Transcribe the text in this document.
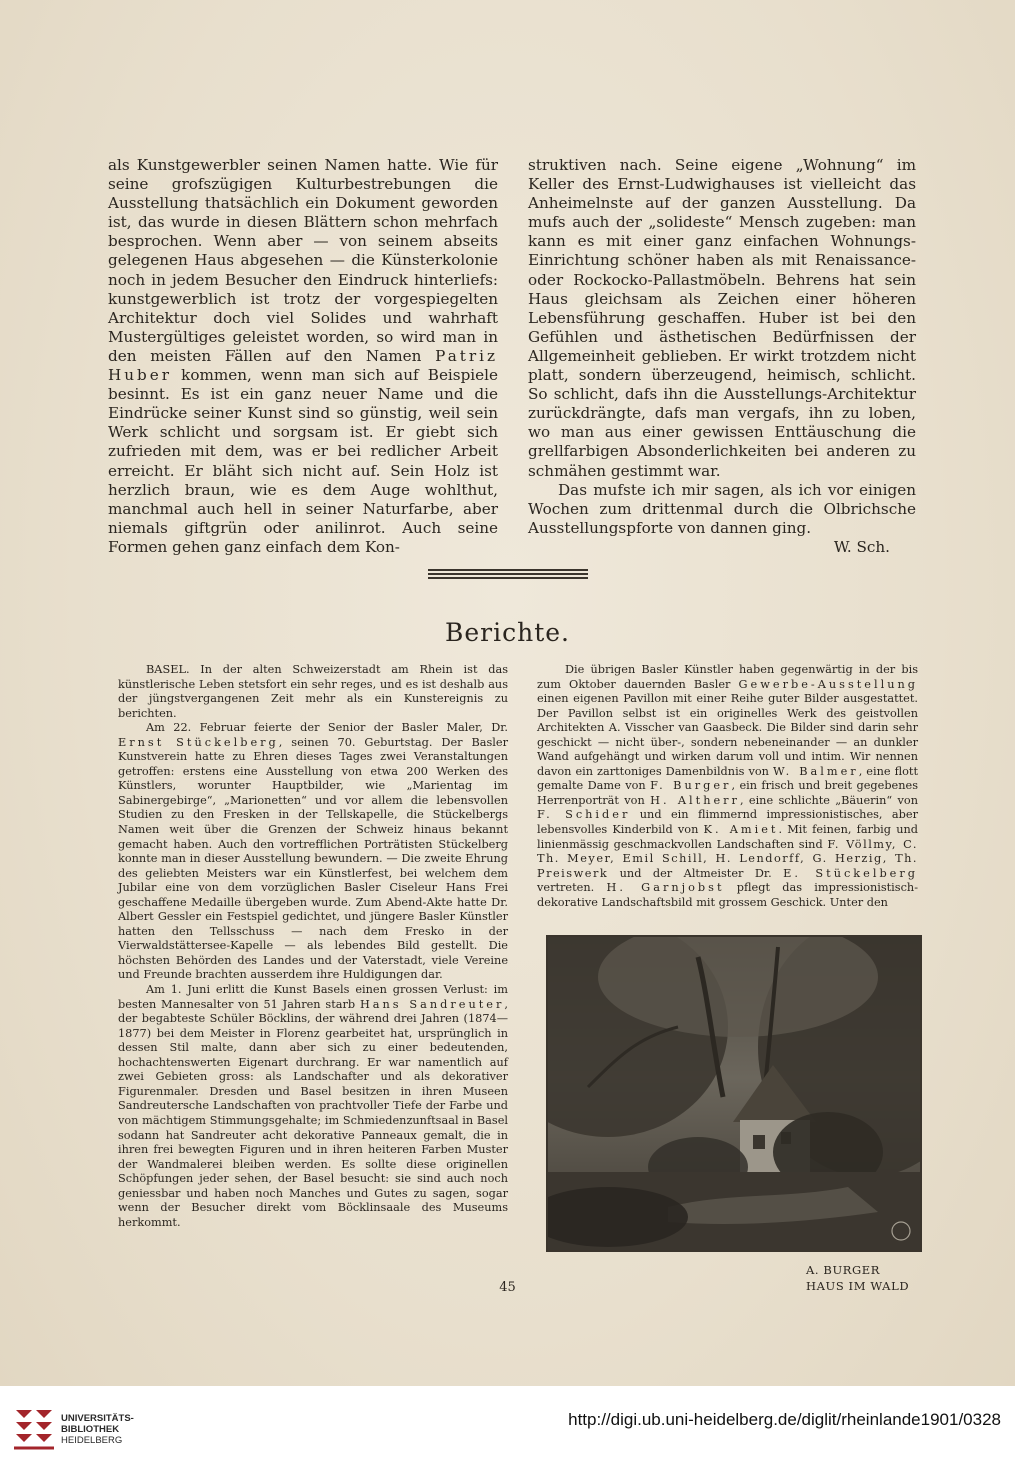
als Kunstgewerbler seinen Namen hatte. Wie für seine grofszügigen Kulturbestrebungen die Ausstellung thatsächlich ein Dokument geworden ist, das wurde in diesen Blättern schon mehrfach besprochen. Wenn aber — von seinem abseits gelegenen Haus abgesehen — die Künsterkolonie noch in jedem Besucher den Eindruck hinterliefs: kunstgewerblich ist trotz der vorgespiegelten Architektur doch viel Solides und wahrhaft Mustergültiges geleistet worden, so wird man in den meisten Fällen auf den Namen Patriz Huber kommen, wenn man sich auf Beispiele besinnt. Es ist ein ganz neuer Name und die Eindrücke seiner Kunst sind so günstig, weil sein Werk schlicht und sorgsam ist. Er giebt sich zufrieden mit dem, was er bei redlicher Arbeit erreicht. Er bläht sich nicht auf. Sein Holz ist herzlich braun, wie es dem Auge wohlthut, manchmal auch hell in seiner Naturfarbe, aber niemals giftgrün oder anilinrot. Auch seine Formen gehen ganz einfach dem Kon-
struktiven nach. Seine eigene „Wohnung“ im Keller des Ernst-Ludwighauses ist vielleicht das Anheimelnste auf der ganzen Ausstellung. Da mufs auch der „solideste“ Mensch zugeben: man kann es mit einer ganz einfachen Wohnungs-Einrichtung schöner haben als mit Renaissance- oder Rockocko-Pallastmöbeln. Behrens hat sein Haus gleichsam als Zeichen einer höheren Lebensführung geschaffen. Huber ist bei den Gefühlen und ästhetischen Bedürfnissen der Allgemeinheit geblieben. Er wirkt trotzdem nicht platt, sondern überzeugend, heimisch, schlicht. So schlicht, dafs ihn die Ausstellungs-Architektur zurückdrängte, dafs man vergafs, ihn zu loben, wo man aus einer gewissen Enttäuschung die grellfarbigen Absonderlichkeiten bei anderen zu schmähen gestimmt war.
Das mufste ich mir sagen, als ich vor einigen Wochen zum drittenmal durch die Olbrichsche Ausstellungspforte von dannen ging.
W. Sch.
Berichte.

BASEL. In der alten Schweizerstadt am Rhein ist das künstlerische Leben stetsfort ein sehr reges, und es ist deshalb aus der jüngstvergangenen Zeit mehr als ein Kunstereignis zu berichten.

Am 22. Februar feierte der Senior der Basler Maler, Dr. Ernst Stückelberg, seinen 70. Geburtstag. Der Basler Kunstverein hatte zu Ehren dieses Tages zwei Veranstaltungen getroffen: erstens eine Ausstellung von etwa 200 Werken des Künstlers, worunter Hauptbilder, wie „Marientag im Sabinergebirge“, „Marionetten“ und vor allem die lebensvollen Studien zu den Fresken in der Tellskapelle, die Stückelbergs Namen weit über die Grenzen der Schweiz hinaus bekannt gemacht haben. Auch den vortrefflichen Porträtisten Stückelberg konnte man in dieser Ausstellung bewundern. — Die zweite Ehrung des geliebten Meisters war ein Künstlerfest, bei welchem dem Jubilar eine von dem vorzüglichen Basler Ciseleur Hans Frei geschaffene Medaille übergeben wurde. Zum Abend-Akte hatte Dr. Albert Gessler ein Festspiel gedichtet, und jüngere Basler Künstler hatten den Tellsschuss — nach dem Fresko in der Vierwaldstättersee-Kapelle — als lebendes Bild gestellt. Die höchsten Behörden des Landes und der Vaterstadt, viele Vereine und Freunde brachten ausserdem ihre Huldigungen dar.

Am 1. Juni erlitt die Kunst Basels einen grossen Verlust: im besten Mannesalter von 51 Jahren starb Hans Sandreuter, der begabteste Schüler Böcklins, der während drei Jahren (1874—1877) bei dem Meister in Florenz gearbeitet hat, ursprünglich in dessen Stil malte, dann aber sich zu einer bedeutenden, hochachtenswerten Eigenart durchrang. Er war namentlich auf zwei Gebieten gross: als Landschafter und als dekorativer Figurenmaler. Dresden und Basel besitzen in ihren Museen Sandreutersche Landschaften von prachtvoller Tiefe der Farbe und von mächtigem Stimmungsgehalte; im Schmiedenzunftsaal in Basel sodann hat Sandreuter acht dekorative Panneaux gemalt, die in ihren frei bewegten Figuren und in ihren heiteren Farben Muster der Wandmalerei bleiben werden. Es sollte diese originellen Schöpfungen jeder sehen, der Basel besucht: sie sind auch noch geniessbar und haben noch Manches und Gutes zu sagen, sogar wenn der Besucher direkt vom Böcklinsaale des Museums herkommt.

Die übrigen Basler Künstler haben gegenwärtig in der bis zum Oktober dauernden Basler Gewerbe-Ausstellung einen eigenen Pavillon mit einer Reihe guter Bilder ausgestattet. Der Pavillon selbst ist ein originelles Werk des geistvollen Architekten A. Visscher van Gaasbeck. Die Bilder sind darin sehr geschickt — nicht über-, sondern nebeneinander — an dunkler Wand aufgehängt und wirken darum voll und intim. Wir nennen davon ein zarttoniges Damenbildnis von W. Balmer, eine flott gemalte Dame von F. Burger, ein frisch und breit gegebenes Herrenporträt von H. Altherr, eine schlichte „Bäuerin“ von F. Schider und ein flimmernd impressionistisches, aber lebensvolles Kinderbild von K. Amiet. Mit feinen, farbig und linienmässig geschmackvollen Landschaften sind F. Völlmy, C. Th. Meyer, Emil Schill, H. Lendorff, G. Herzig, Th. Preiswerk und der Altmeister Dr. E. Stückelberg vertreten. H. Garnjobst pflegt das impressionistisch-dekorative Landschaftsbild mit grossem Geschick. Unter den

A. BURGER
HAUS IM WALD
45
UNIVERSITÄTS-
BIBLIOTHEK
HEIDELBERG
http://digi.ub.uni-heidelberg.de/diglit/rheinlande1901/0328
